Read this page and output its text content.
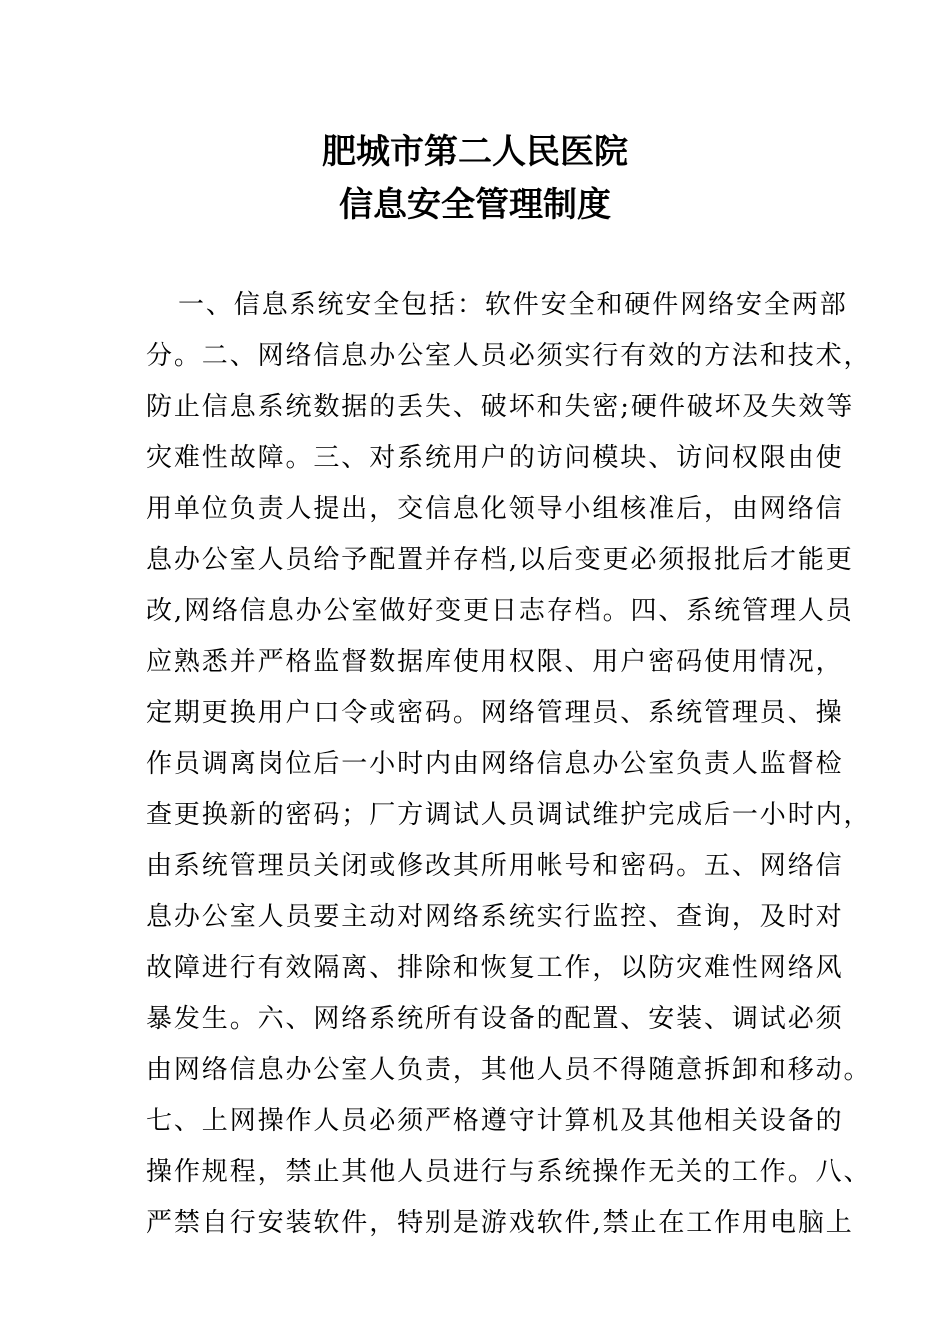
肥城市第二人民医院
信息安全管理制度
一、信息系统安全包括：软件安全和硬件网络安全两部
分。二、网络信息办公室人员必须实行有效的方法和技术，
防止信息系统数据的丢失、破坏和失密;硬件破坏及失效等
灾难性故障。三、对系统用户的访问模块、访问权限由使
用单位负责人提出，交信息化领导小组核准后，由网络信
息办公室人员给予配置并存档,以后变更必须报批后才能更
改,网络信息办公室做好变更日志存档。四、系统管理人员
应熟悉并严格监督数据库使用权限、用户密码使用情况，
定期更换用户口令或密码。网络管理员、系统管理员、操
作员调离岗位后一小时内由网络信息办公室负责人监督检
查更换新的密码；厂方调试人员调试维护完成后一小时内，
由系统管理员关闭或修改其所用帐号和密码。五、网络信
息办公室人员要主动对网络系统实行监控、查询，及时对
故障进行有效隔离、排除和恢复工作，以防灾难性网络风
暴发生。六、网络系统所有设备的配置、安装、调试必须
由网络信息办公室人负责，其他人员不得随意拆卸和移动。
七、上网操作人员必须严格遵守计算机及其他相关设备的
操作规程，禁止其他人员进行与系统操作无关的工作。八、
严禁自行安装软件，特别是游戏软件,禁止在工作用电脑上
